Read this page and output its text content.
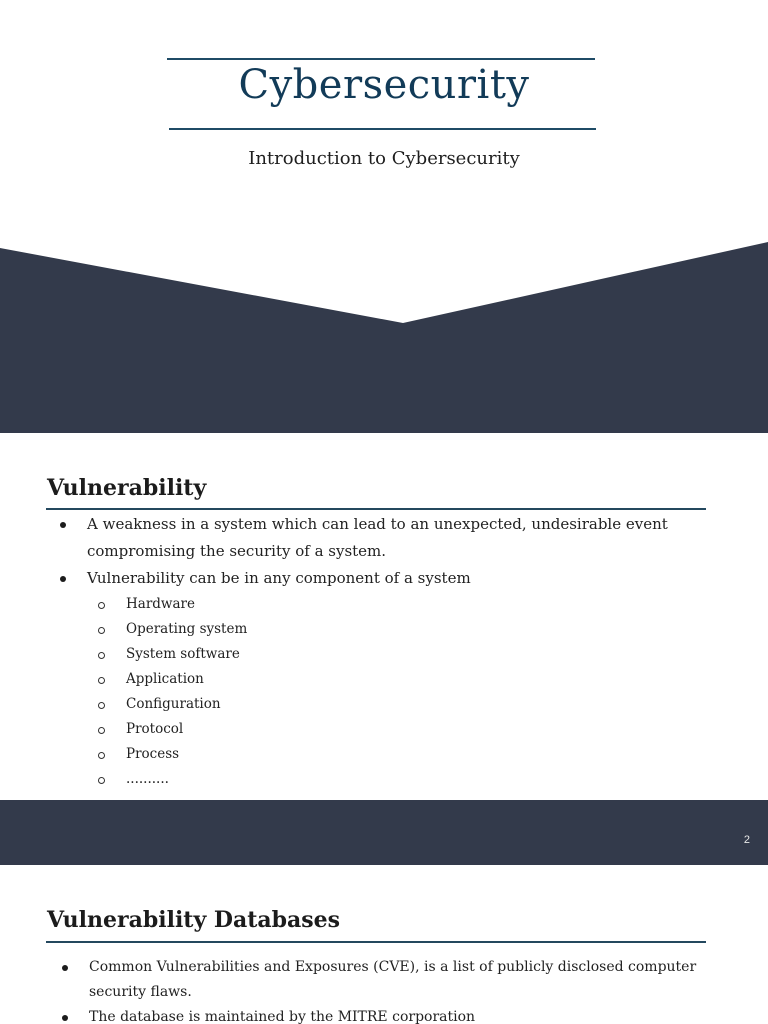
Cybersecurity
Introduction to Cybersecurity
Vulnerability
A weakness in a system which can lead to an unexpected, undesirable event compromising the security of a system.
Vulnerability can be in any component of a system
Hardware
Operating system
System software
Application
Configuration
Protocol
Process
..........
2
Vulnerability Databases
Common Vulnerabilities and Exposures (CVE), is a list of publicly disclosed computer security flaws.
The database is maintained by the MITRE corporation
